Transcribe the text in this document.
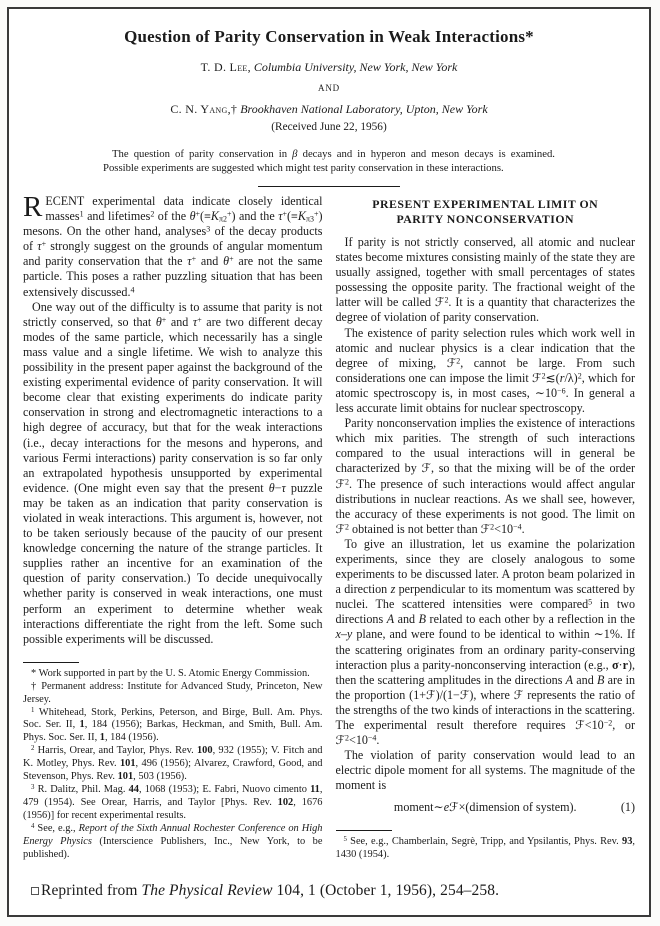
Question of Parity Conservation in Weak Interactions*
T. D. Lee, Columbia University, New York, New York
AND
C. N. Yang,† Brookhaven National Laboratory, Upton, New York
(Received June 22, 1956)
The question of parity conservation in β decays and in hyperon and meson decays is examined. Possible experiments are suggested which might test parity conservation in these interactions.

RECENT experimental data indicate closely identical masses$^1$ and lifetimes$^2$ of the $\theta^+(\equiv K_{\pi 2}^+)$ and the $\tau^+(\equiv K_{\pi 3}^+)$ mesons. On the other hand, analyses$^3$ of the decay products of τ+ strongly suggest on the grounds of angular momentum and parity conservation that the τ+ and θ+ are not the same particle. This poses a rather puzzling situation that has been extensively discussed.$^4$

One way out of the difficulty is to assume that parity is not strictly conserved, so that θ+ and τ+ are two different decay modes of the same particle, which necessarily has a single mass value and a single lifetime. We wish to analyze this possibility in the present paper against the background of the existing experimental evidence of parity conservation. It will become clear that existing experiments do indicate parity conservation in strong and electromagnetic interactions to a high degree of accuracy, but that for the weak interactions (i.e., decay interactions for the mesons and hyperons, and various Fermi interactions) parity conservation is so far only an extrapolated hypothesis unsupported by experimental evidence. (One might even say that the present θ−τ puzzle may be taken as an indication that parity conservation is violated in weak interactions. This argument is, however, not to be taken seriously because of the paucity of our present knowledge concerning the nature of the strange particles. It supplies rather an incentive for an examination of the question of parity conservation.) To decide unequivocally whether parity is conserved in weak interactions, one must perform an experiment to determine whether weak interactions differentiate the right from the left. Some such possible experiments will be discussed.

* Work supported in part by the U. S. Atomic Energy Commission.

† Permanent address: Institute for Advanced Study, Princeton, New Jersey.

$^1$ Whitehead, Stork, Perkins, Peterson, and Birge, Bull. Am. Phys. Soc. Ser. II, 1, 184 (1956); Barkas, Heckman, and Smith, Bull. Am. Phys. Soc. Ser. II, 1, 184 (1956).

$^2$ Harris, Orear, and Taylor, Phys. Rev. 100, 932 (1955); V. Fitch and K. Motley, Phys. Rev. 101, 496 (1956); Alvarez, Crawford, Good, and Stevenson, Phys. Rev. 101, 503 (1956).

$^3$ R. Dalitz, Phil. Mag. 44, 1068 (1953); E. Fabri, Nuovo cimento 11, 479 (1954). See Orear, Harris, and Taylor [Phys. Rev. 102, 1676 (1956)] for recent experimental results.

$^4$ See, e.g., Report of the Sixth Annual Rochester Conference on High Energy Physics (Interscience Publishers, Inc., New York, to be published).

PRESENT EXPERIMENTAL LIMIT ON
PARITY NONCONSERVATION

If parity is not strictly conserved, all atomic and nuclear states become mixtures consisting mainly of the state they are usually assigned, together with small percentages of states possessing the opposite parity. The fractional weight of the latter will be called ℱ$^2$. It is a quantity that characterizes the degree of violation of parity conservation.

The existence of parity selection rules which work well in atomic and nuclear physics is a clear indication that the degree of mixing, ℱ$^2$, cannot be large. From such considerations one can impose the limit $ℱ^2≲(r/\lambda)^2$, which for atomic spectroscopy is, in most cases, $\sim 10^{-6}$. In general a less accurate limit obtains for nuclear spectroscopy.

Parity nonconservation implies the existence of interactions which mix parities. The strength of such interactions compared to the usual interactions will in general be characterized by ℱ, so that the mixing will be of the order ℱ$^2$. The presence of such interactions would affect angular distributions in nuclear reactions. As we shall see, however, the accuracy of these experiments is not good. The limit on ℱ$^2$ obtained is not better than $ℱ^2<10^{-4}$.

To give an illustration, let us examine the polarization experiments, since they are closely analogous to some experiments to be discussed later. A proton beam polarized in a direction z perpendicular to its momentum was scattered by nuclei. The scattered intensities were compared$^5$ in two directions A and B related to each other by a reflection in the x–y plane, and were found to be identical to within ∼1%. If the scattering originates from an ordinary parity-conserving interaction plus a parity-nonconserving interaction (e.g., σ·r), then the scattering amplitudes in the directions A and B are in the proportion (1+ℱ)/(1−ℱ), where ℱ represents the ratio of the strengths of the two kinds of interactions in the scattering. The experimental result therefore requires $ℱ<10^{-2}$, or $ℱ^2<10^{-4}$.

The violation of parity conservation would lead to an electric dipole moment for all systems. The magnitude of the moment is

moment∼eℱ×(dimension of system).	(1)

$^5$ See, e.g., Chamberlain, Segrè, Tripp, and Ypsilantis, Phys. Rev. 93, 1430 (1954).

Reprinted from The Physical Review 104, 1 (October 1, 1956), 254–258.
